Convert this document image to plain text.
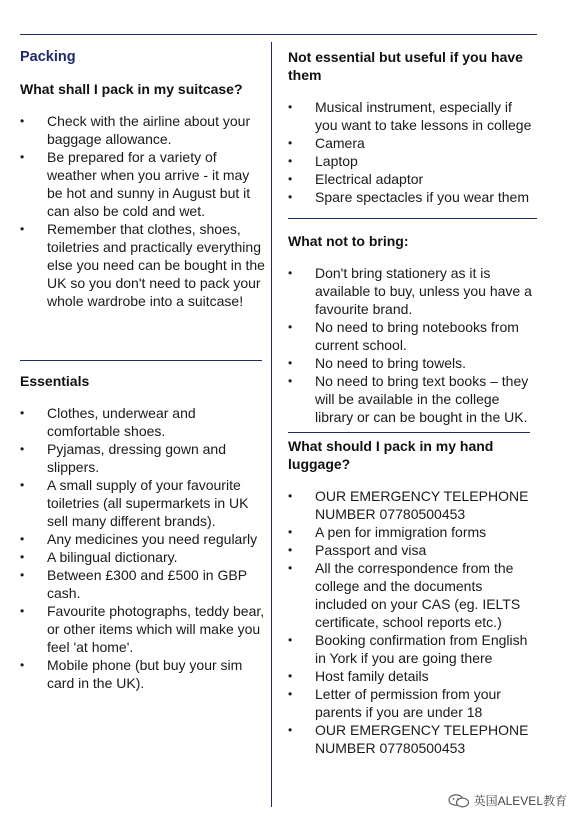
Packing

What shall I pack in my suitcase?

• Check with the airline about your baggage allowance.
• Be prepared for a variety of weather when you arrive - it may be hot and sunny in August but it can also be cold and wet.
• Remember that clothes, shoes, toiletries and practically everything else you need can be bought in the UK so you don't need to pack your whole wardrobe into a suitcase!

Essentials

• Clothes, underwear and comfortable shoes.
• Pyjamas, dressing gown and slippers.
• A small supply of your favourite toiletries (all supermarkets in UK sell many different brands).
• Any medicines you need regularly
• A bilingual dictionary.
• Between £300 and £500 in GBP cash.
• Favourite photographs, teddy bear, or other items which will make you feel 'at home'.
• Mobile phone (but buy your sim card in the UK).

Not essential but useful if you have them

• Musical instrument, especially if you want to take lessons in college
• Camera
• Laptop
• Electrical adaptor
• Spare spectacles if you wear them

What not to bring:

• Don't bring stationery as it is available to buy, unless you have a favourite brand.
• No need to bring notebooks from current school.
• No need to bring towels.
• No need to bring text books – they will be available in the college library or can be bought in the UK.

What should I pack in my hand luggage?

• OUR EMERGENCY TELEPHONE NUMBER 07780500453
• A pen for immigration forms
• Passport and visa
• All the correspondence from the college and the documents included on your CAS (eg. IELTS certificate, school reports etc.)
• Booking confirmation from English in York if you are going there
• Host family details
• Letter of permission from your parents if you are under 18
• OUR EMERGENCY TELEPHONE NUMBER 07780500453
英国ALEVEL教育
